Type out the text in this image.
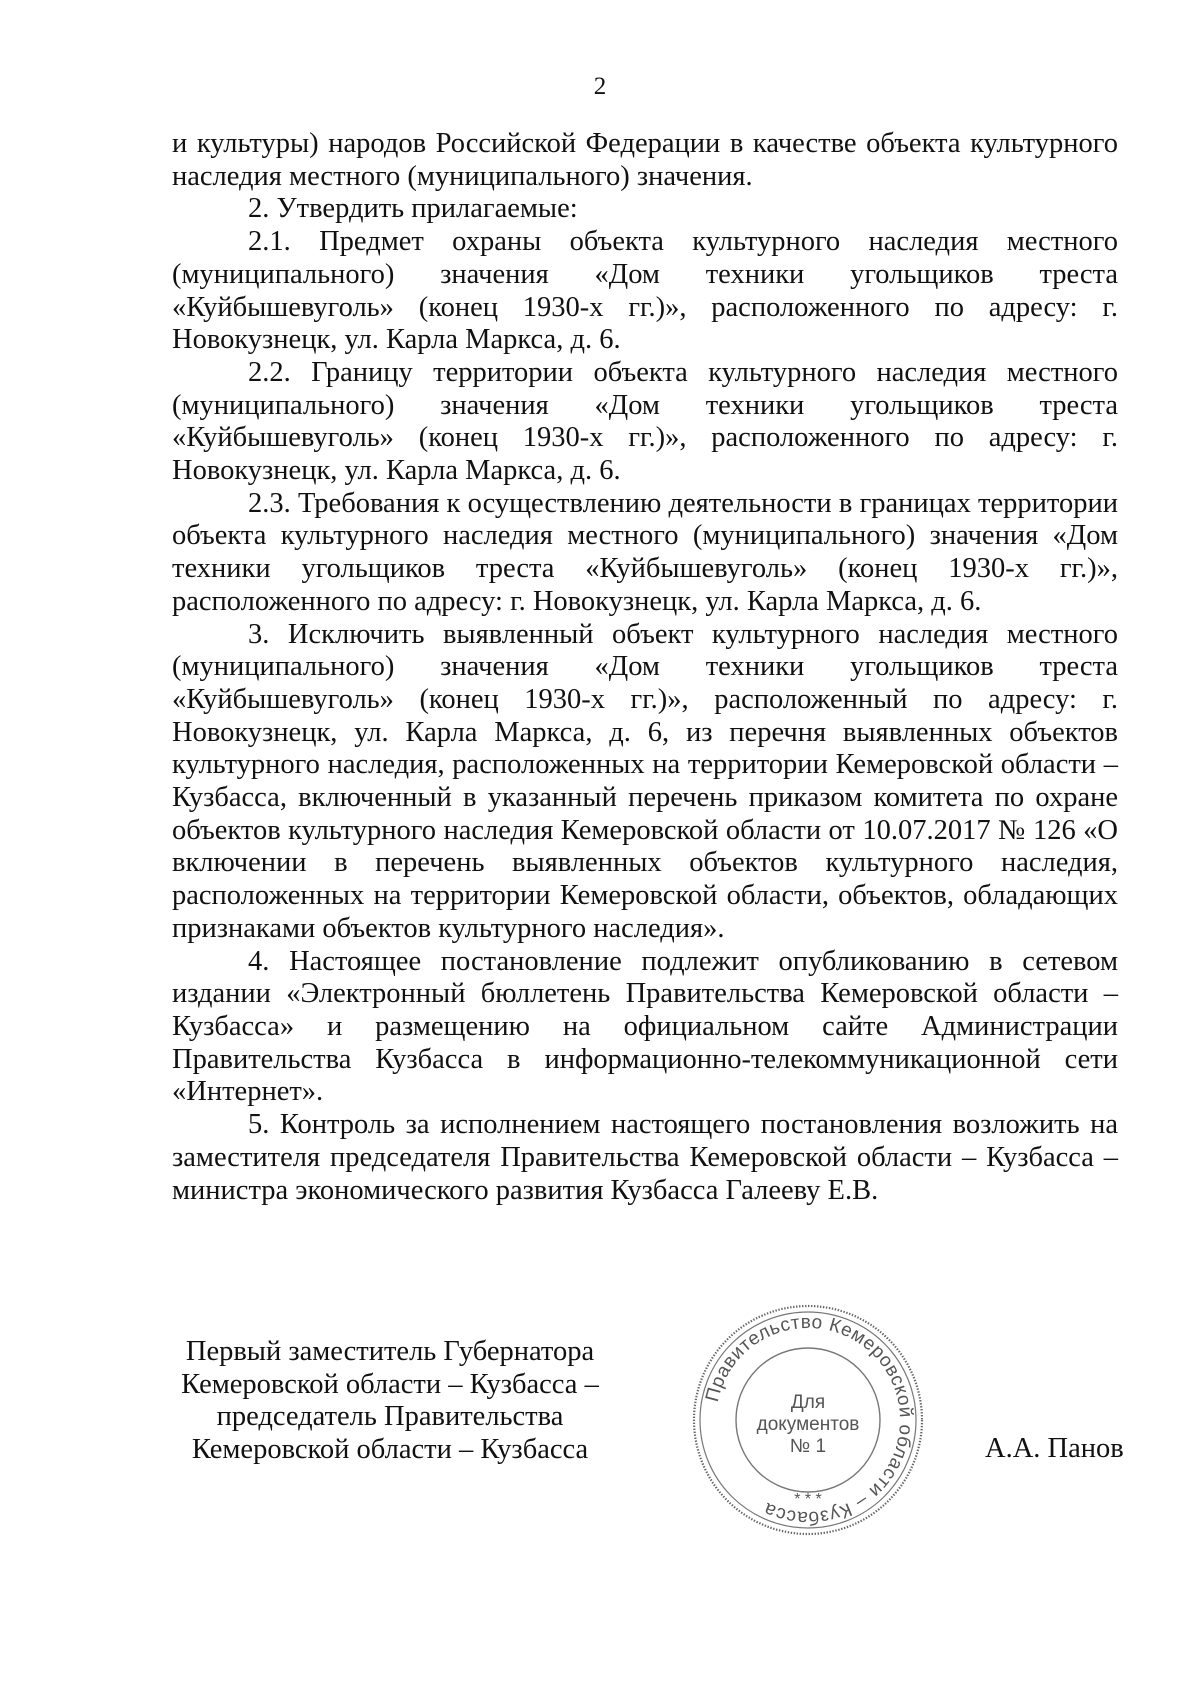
2

и культуры) народов Российской Федерации в качестве объекта культурного наследия местного (муниципального) значения.

2. Утвердить прилагаемые:

2.1. Предмет охраны объекта культурного наследия местного (муниципального) значения «Дом техники угольщиков треста «Куйбышевуголь» (конец 1930-х гг.)», расположенного по адресу: г. Новокузнецк, ул. Карла Маркса, д. 6.

2.2. Границу территории объекта культурного наследия местного (муниципального) значения «Дом техники угольщиков треста «Куйбышевуголь» (конец 1930-х гг.)», расположенного по адресу: г. Новокузнецк, ул. Карла Маркса, д. 6.

2.3. Требования к осуществлению деятельности в границах территории объекта культурного наследия местного (муниципального) значения «Дом техники угольщиков треста «Куйбышевуголь» (конец 1930-х гг.)», расположенного по адресу: г. Новокузнецк, ул. Карла Маркса, д. 6.

3. Исключить выявленный объект культурного наследия местного (муниципального) значения «Дом техники угольщиков треста «Куйбышевуголь» (конец 1930-х гг.)», расположенный по адресу: г. Новокузнецк, ул. Карла Маркса, д. 6, из перечня выявленных объектов культурного наследия, расположенных на территории Кемеровской области – Кузбасса, включенный в указанный перечень приказом комитета по охране объектов культурного наследия Кемеровской области от 10.07.2017 № 126 «О включении в перечень выявленных объектов культурного наследия, расположенных на территории Кемеровской области, объектов, обладающих признаками объектов культурного наследия».

4. Настоящее постановление подлежит опубликованию в сетевом издании «Электронный бюллетень Правительства Кемеровской области – Кузбасса» и размещению на официальном сайте Администрации Правительства Кузбасса в информационно-телекоммуникационной сети «Интернет».

5. Контроль за исполнением настоящего постановления возложить на заместителя председателя Правительства Кемеровской области – Кузбасса – министра экономического развития Кузбасса Галееву Е.В.

Первый заместитель Губернатора
Кемеровской области – Кузбасса –
председатель Правительства
Кемеровской области – Кузбасса
Правительство Кемеровской области – Кузбасса * * *
Для
документов
№ 1	А.А. Панов
